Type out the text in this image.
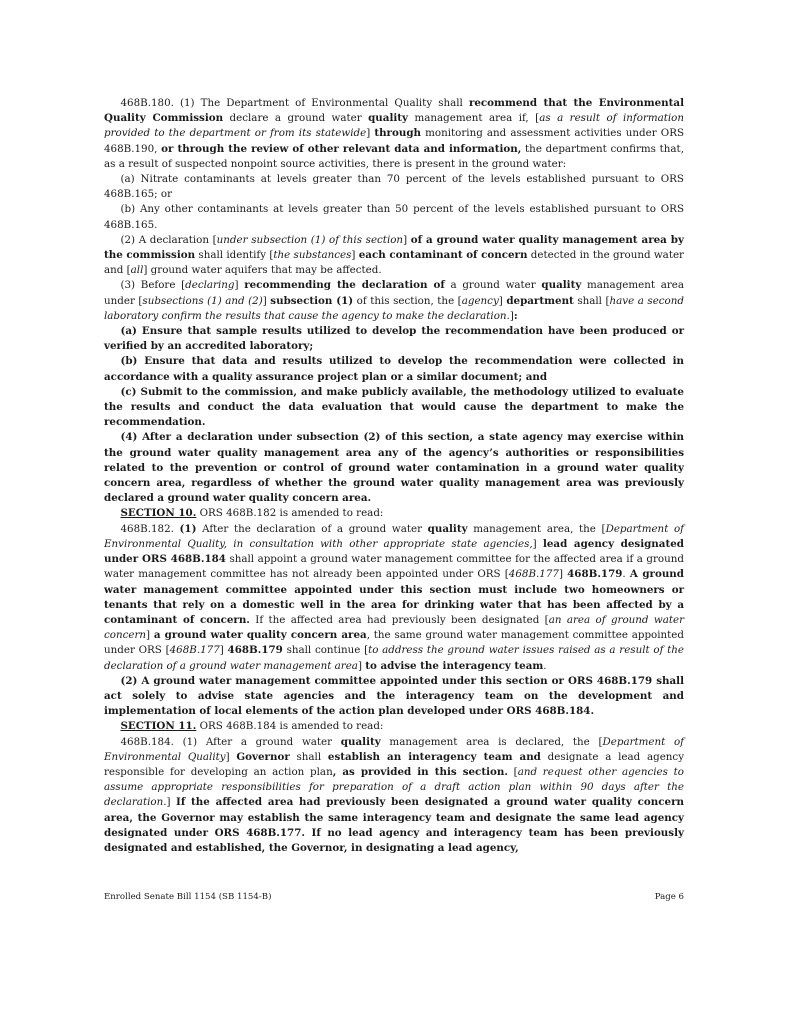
468B.180. (1) The Department of Environmental Quality shall recommend that the Environmental Quality Commission declare a ground water quality management area if, [as a result of information provided to the department or from its statewide] through monitoring and assessment activities under ORS 468B.190, or through the review of other relevant data and information, the department confirms that, as a result of suspected nonpoint source activities, there is present in the ground water:

(a) Nitrate contaminants at levels greater than 70 percent of the levels established pursuant to ORS 468B.165; or

(b) Any other contaminants at levels greater than 50 percent of the levels established pursuant to ORS 468B.165.

(2) A declaration [under subsection (1) of this section] of a ground water quality management area by the commission shall identify [the substances] each contaminant of concern detected in the ground water and [all] ground water aquifers that may be affected.

(3) Before [declaring] recommending the declaration of a ground water quality management area under [subsections (1) and (2)] subsection (1) of this section, the [agency] department shall [have a second laboratory confirm the results that cause the agency to make the declaration.]:

(a) Ensure that sample results utilized to develop the recommendation have been produced or verified by an accredited laboratory;

(b) Ensure that data and results utilized to develop the recommendation were collected in accordance with a quality assurance project plan or a similar document; and

(c) Submit to the commission, and make publicly available, the methodology utilized to evaluate the results and conduct the data evaluation that would cause the department to make the recommendation.

(4) After a declaration under subsection (2) of this section, a state agency may exercise within the ground water quality management area any of the agency’s authorities or responsibilities related to the prevention or control of ground water contamination in a ground water quality concern area, regardless of whether the ground water quality management area was previously declared a ground water quality concern area.

SECTION 10. ORS 468B.182 is amended to read:

468B.182. (1) After the declaration of a ground water quality management area, the [Department of Environmental Quality, in consultation with other appropriate state agencies,] lead agency designated under ORS 468B.184 shall appoint a ground water management committee for the affected area if a ground water management committee has not already been appointed under ORS [468B.177] 468B.179. A ground water management committee appointed under this section must include two homeowners or tenants that rely on a domestic well in the area for drinking water that has been affected by a contaminant of concern. If the affected area had previously been designated [an area of ground water concern] a ground water quality concern area, the same ground water management committee appointed under ORS [468B.177] 468B.179 shall continue [to address the ground water issues raised as a result of the declaration of a ground water management area] to advise the interagency team.

(2) A ground water management committee appointed under this section or ORS 468B.179 shall act solely to advise state agencies and the interagency team on the development and implementation of local elements of the action plan developed under ORS 468B.184.

SECTION 11. ORS 468B.184 is amended to read:

468B.184. (1) After a ground water quality management area is declared, the [Department of Environmental Quality] Governor shall establish an interagency team and designate a lead agency responsible for developing an action plan, as provided in this section. [and request other agencies to assume appropriate responsibilities for preparation of a draft action plan within 90 days after the declaration.] If the affected area had previously been designated a ground water quality concern area, the Governor may establish the same interagency team and designate the same lead agency designated under ORS 468B.177. If no lead agency and interagency team has been previously designated and established, the Governor, in designating a lead agency,

Enrolled Senate Bill 1154 (SB 1154-B)	Page 6
